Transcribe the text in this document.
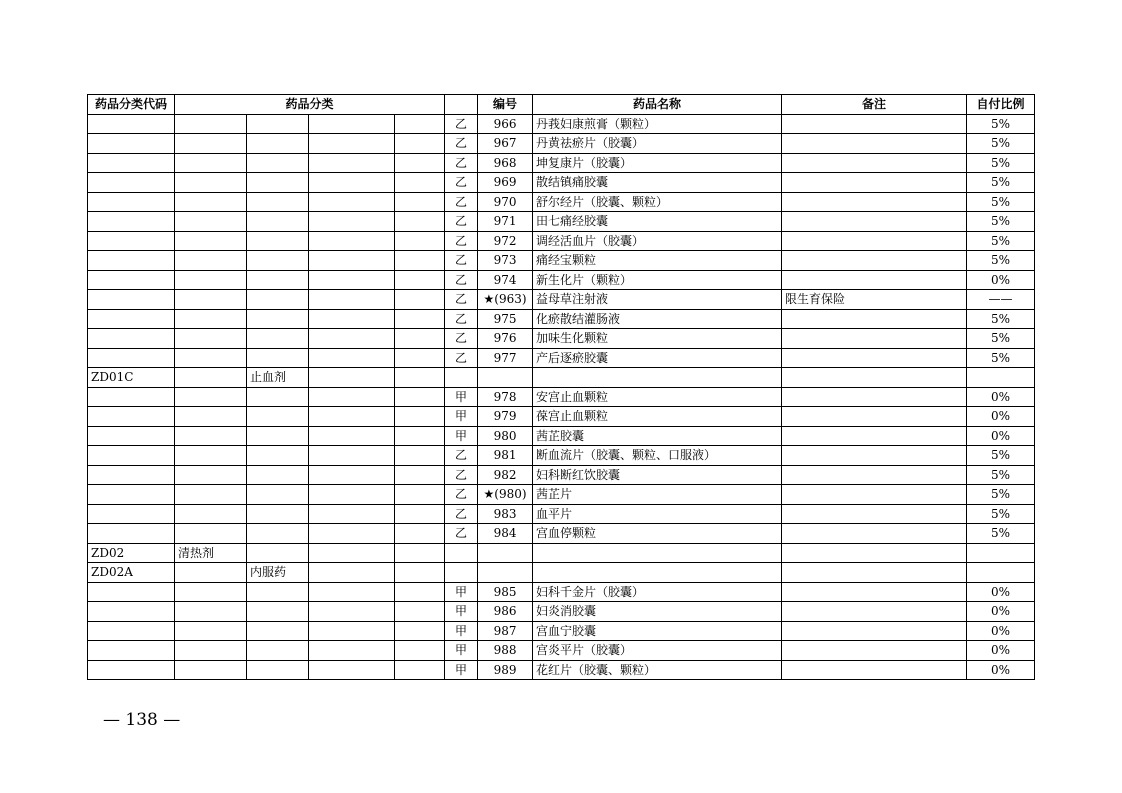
药品分类代码	药品分类					编号	药品名称	备注	自付比例
					乙	966	丹莪妇康煎膏（颗粒）		5%
					乙	967	丹黄祛瘀片（胶囊）		5%
					乙	968	坤复康片（胶囊）		5%
					乙	969	散结镇痛胶囊		5%
					乙	970	舒尔经片（胶囊、颗粒）		5%
					乙	971	田七痛经胶囊		5%
					乙	972	调经活血片（胶囊）		5%
					乙	973	痛经宝颗粒		5%
					乙	974	新生化片（颗粒）		0%
					乙	★(963)	益母草注射液	限生育保险	——
					乙	975	化瘀散结灌肠液		5%
					乙	976	加味生化颗粒		5%
					乙	977	产后逐瘀胶囊		5%
ZD01C		止血剂							
					甲	978	安宫止血颗粒		0%
					甲	979	葆宫止血颗粒		0%
					甲	980	茜芷胶囊		0%
					乙	981	断血流片（胶囊、颗粒、口服液）		5%
					乙	982	妇科断红饮胶囊		5%
					乙	★(980)	茜芷片		5%
					乙	983	血平片		5%
					乙	984	宫血停颗粒		5%
ZD02	清热剂								
ZD02A		内服药							
					甲	985	妇科千金片（胶囊）		0%
					甲	986	妇炎消胶囊		0%
					甲	987	宫血宁胶囊		0%
					甲	988	宫炎平片（胶囊）		0%
					甲	989	花红片（胶囊、颗粒）		0%
— 138 —
